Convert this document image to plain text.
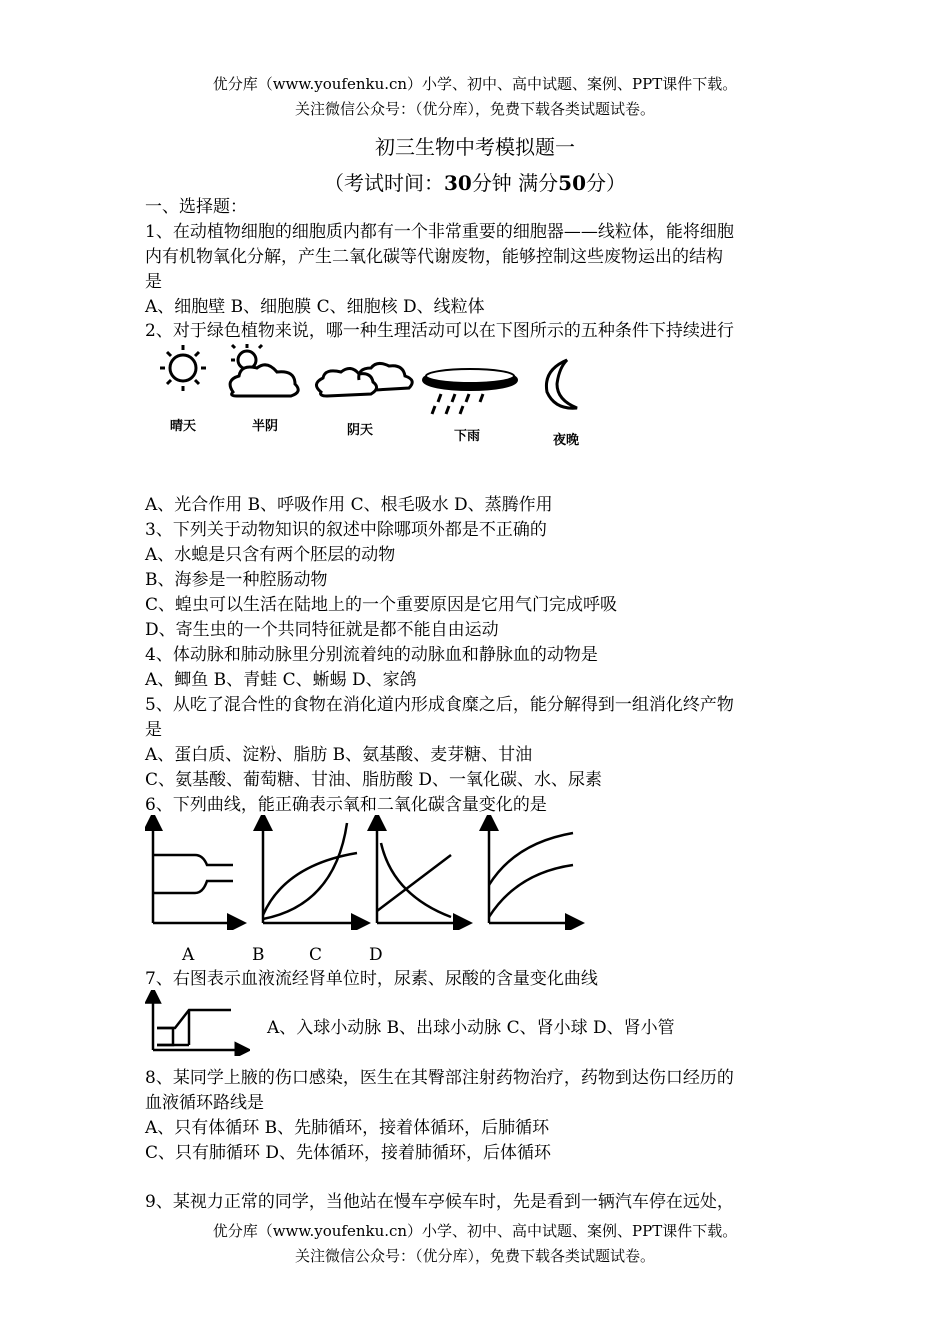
优分库（www.youfenku.cn）小学、初中、高中试题、案例、PPT课件下载。
关注微信公众号：（优分库），免费下载各类试题试卷。
初三生物中考模拟题一
（考试时间：30分钟 满分50分）
一、选择题：
1、在动植物细胞的细胞质内都有一个非常重要的细胞器——线粒体，能将细胞
内有机物氧化分解，产生二氧化碳等代谢废物，能够控制这些废物运出的结构
是
A、细胞壁 B、细胞膜 C、细胞核 D、线粒体
2、对于绿色植物来说，哪一种生理活动可以在下图所示的五种条件下持续进行
晴天	半阴	阴天	下雨	夜晚
A、光合作用 B、呼吸作用 C、根毛吸水 D、蒸腾作用
3、下列关于动物知识的叙述中除哪项外都是不正确的
A、水螅是只含有两个胚层的动物
B、海参是一种腔肠动物
C、蝗虫可以生活在陆地上的一个重要原因是它用气门完成呼吸
D、寄生虫的一个共同特征就是都不能自由运动
4、体动脉和肺动脉里分别流着纯的动脉血和静脉血的动物是
A、鲫鱼 B、青蛙 C、蜥蜴 D、家鸽
5、从吃了混合性的食物在消化道内形成食糜之后，能分解得到一组消化终产物
是
A、蛋白质、淀粉、脂肪 B、氨基酸、麦芽糖、甘油
C、氨基酸、葡萄糖、甘油、脂肪酸 D、一氧化碳、水、尿素
6、下列曲线，能正确表示氧和二氧化碳含量变化的是
A	B	C	D
7、右图表示血液流经肾单位时，尿素、尿酸的含量变化曲线
A、入球小动脉 B、出球小动脉 C、肾小球 D、肾小管
8、某同学上腋的伤口感染，医生在其臀部注射药物治疗，药物到达伤口经历的
血液循环路线是
A、只有体循环 B、先肺循环，接着体循环，后肺循环
C、只有肺循环 D、先体循环，接着肺循环，后体循环
9、某视力正常的同学，当他站在慢车亭候车时，先是看到一辆汽车停在远处，
优分库（www.youfenku.cn）小学、初中、高中试题、案例、PPT课件下载。
关注微信公众号：（优分库），免费下载各类试题试卷。
